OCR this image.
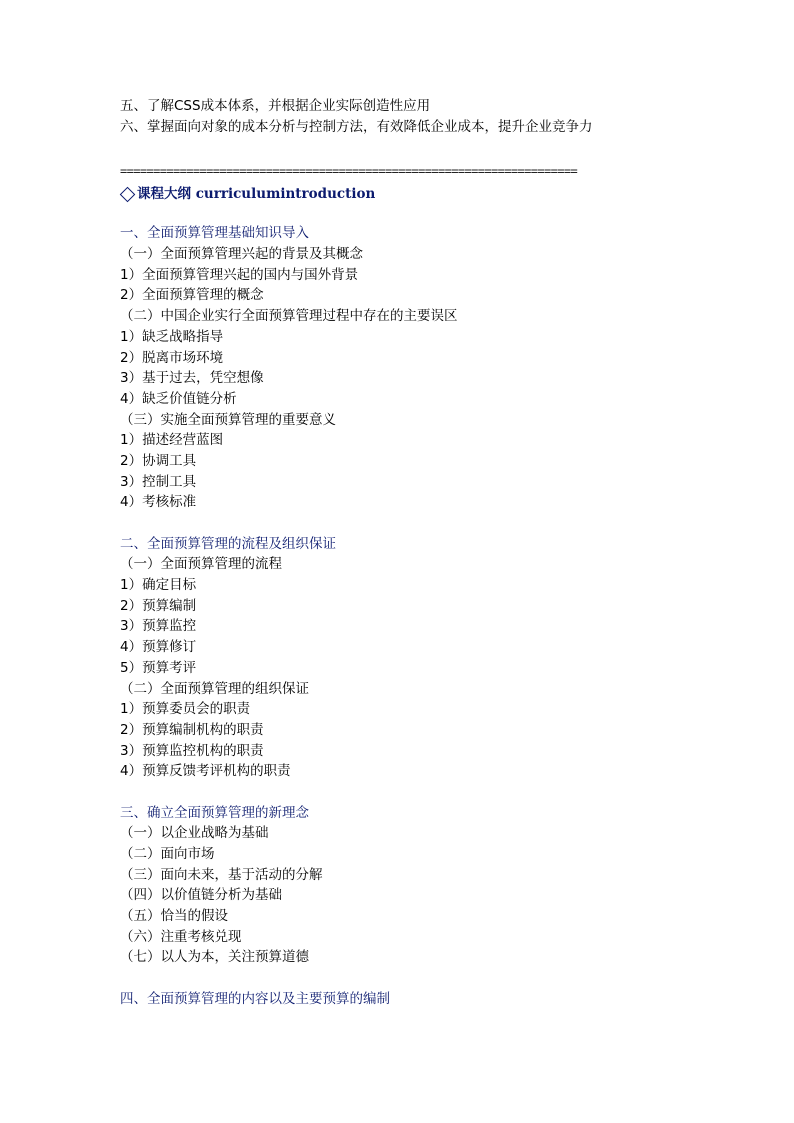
五、了解CSS成本体系，并根据企业实际创造性应用
六、掌握面向对象的成本分析与控制方法，有效降低企业成本，提升企业竞争力
=====================================================================
课程大纲 curriculumintroduction
一、全面预算管理基础知识导入
（一）全面预算管理兴起的背景及其概念
1）全面预算管理兴起的国内与国外背景
2）全面预算管理的概念
（二）中国企业实行全面预算管理过程中存在的主要误区
1）缺乏战略指导
2）脱离市场环境
3）基于过去，凭空想像
4）缺乏价值链分析
（三）实施全面预算管理的重要意义
1）描述经营蓝图
2）协调工具
3）控制工具
4）考核标准
二、全面预算管理的流程及组织保证
（一）全面预算管理的流程
1）确定目标
2）预算编制
3）预算监控
4）预算修订
5）预算考评
（二）全面预算管理的组织保证
1）预算委员会的职责
2）预算编制机构的职责
3）预算监控机构的职责
4）预算反馈考评机构的职责
三、确立全面预算管理的新理念
（一）以企业战略为基础
（二）面向市场
（三）面向未来，基于活动的分解
（四）以价值链分析为基础
（五）恰当的假设
（六）注重考核兑现
（七）以人为本，关注预算道德
四、全面预算管理的内容以及主要预算的编制
